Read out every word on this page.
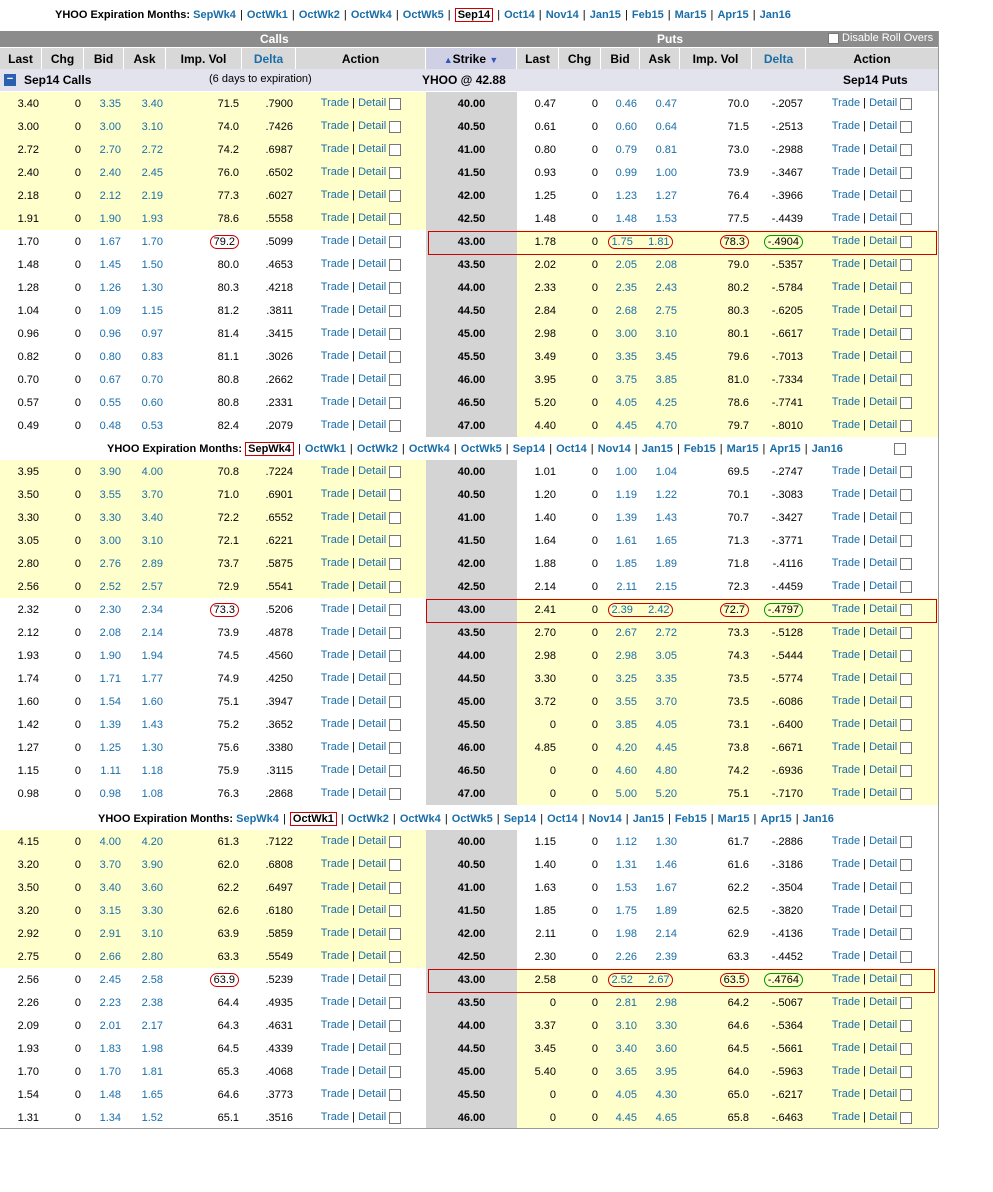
YHOO Expiration Months: SepWk4 | OctWk1 | OctWk2 | OctWk4 | OctWk5 | Sep14 | Oct14 | Nov14 | Jan15 | Feb15 | Mar15 | Apr15 | Jan16
Calls	Puts	Disable Roll Overs
Last	Chg	Bid	Ask	Imp. Vol	Delta	Action	▲Strike ▼	Last	Chg	Bid	Ask	Imp. Vol	Delta	Action
− Sep14 Calls	(6 days to expiration)	YHOO @ 42.88	Sep14 Puts
3.40	0	3.35	3.40	71.5	.7900	Trade | Detail	40.00	0.47	0	0.46	0.47	70.0	-.2057	Trade | Detail
3.00	0	3.00	3.10	74.0	.7426	Trade | Detail	40.50	0.61	0	0.60	0.64	71.5	-.2513	Trade | Detail
2.72	0	2.70	2.72	74.2	.6987	Trade | Detail	41.00	0.80	0	0.79	0.81	73.0	-.2988	Trade | Detail
2.40	0	2.40	2.45	76.0	.6502	Trade | Detail	41.50	0.93	0	0.99	1.00	73.9	-.3467	Trade | Detail
2.18	0	2.12	2.19	77.3	.6027	Trade | Detail	42.00	1.25	0	1.23	1.27	76.4	-.3966	Trade | Detail
1.91	0	1.90	1.93	78.6	.5558	Trade | Detail	42.50	1.48	0	1.48	1.53	77.5	-.4439	Trade | Detail
1.70	0	1.67	1.70	79.2	.5099	Trade | Detail	43.00	1.78	0	1.75 1.81		78.3	-.4904	Trade | Detail
1.48	0	1.45	1.50	80.0	.4653	Trade | Detail	43.50	2.02	0	2.05	2.08	79.0	-.5357	Trade | Detail
1.28	0	1.26	1.30	80.3	.4218	Trade | Detail	44.00	2.33	0	2.35	2.43	80.2	-.5784	Trade | Detail
1.04	0	1.09	1.15	81.2	.3811	Trade | Detail	44.50	2.84	0	2.68	2.75	80.3	-.6205	Trade | Detail
0.96	0	0.96	0.97	81.4	.3415	Trade | Detail	45.00	2.98	0	3.00	3.10	80.1	-.6617	Trade | Detail
0.82	0	0.80	0.83	81.1	.3026	Trade | Detail	45.50	3.49	0	3.35	3.45	79.6	-.7013	Trade | Detail
0.70	0	0.67	0.70	80.8	.2662	Trade | Detail	46.00	3.95	0	3.75	3.85	81.0	-.7334	Trade | Detail
0.57	0	0.55	0.60	80.8	.2331	Trade | Detail	46.50	5.20	0	4.05	4.25	78.6	-.7741	Trade | Detail
0.49	0	0.48	0.53	82.4	.2079	Trade | Detail	47.00	4.40	0	4.45	4.70	79.7	-.8010	Trade | Detail
YHOO Expiration Months: SepWk4 | OctWk1 | OctWk2 | OctWk4 | OctWk5 | Sep14 | Oct14 | Nov14 | Jan15 | Feb15 | Mar15 | Apr15 | Jan16
3.95	0	3.90	4.00	70.8	.7224	Trade | Detail	40.00	1.01	0	1.00	1.04	69.5	-.2747	Trade | Detail
3.50	0	3.55	3.70	71.0	.6901	Trade | Detail	40.50	1.20	0	1.19	1.22	70.1	-.3083	Trade | Detail
3.30	0	3.30	3.40	72.2	.6552	Trade | Detail	41.00	1.40	0	1.39	1.43	70.7	-.3427	Trade | Detail
3.05	0	3.00	3.10	72.1	.6221	Trade | Detail	41.50	1.64	0	1.61	1.65	71.3	-.3771	Trade | Detail
2.80	0	2.76	2.89	73.7	.5875	Trade | Detail	42.00	1.88	0	1.85	1.89	71.8	-.4116	Trade | Detail
2.56	0	2.52	2.57	72.9	.5541	Trade | Detail	42.50	2.14	0	2.11	2.15	72.3	-.4459	Trade | Detail
2.32	0	2.30	2.34	73.3	.5206	Trade | Detail	43.00	2.41	0	2.39 2.42		72.7	-.4797	Trade | Detail
2.12	0	2.08	2.14	73.9	.4878	Trade | Detail	43.50	2.70	0	2.67	2.72	73.3	-.5128	Trade | Detail
1.93	0	1.90	1.94	74.5	.4560	Trade | Detail	44.00	2.98	0	2.98	3.05	74.3	-.5444	Trade | Detail
1.74	0	1.71	1.77	74.9	.4250	Trade | Detail	44.50	3.30	0	3.25	3.35	73.5	-.5774	Trade | Detail
1.60	0	1.54	1.60	75.1	.3947	Trade | Detail	45.00	3.72	0	3.55	3.70	73.5	-.6086	Trade | Detail
1.42	0	1.39	1.43	75.2	.3652	Trade | Detail	45.50	0	0	3.85	4.05	73.1	-.6400	Trade | Detail
1.27	0	1.25	1.30	75.6	.3380	Trade | Detail	46.00	4.85	0	4.20	4.45	73.8	-.6671	Trade | Detail
1.15	0	1.11	1.18	75.9	.3115	Trade | Detail	46.50	0	0	4.60	4.80	74.2	-.6936	Trade | Detail
0.98	0	0.98	1.08	76.3	.2868	Trade | Detail	47.00	0	0	5.00	5.20	75.1	-.7170	Trade | Detail
YHOO Expiration Months: SepWk4 | OctWk1 | OctWk2 | OctWk4 | OctWk5 | Sep14 | Oct14 | Nov14 | Jan15 | Feb15 | Mar15 | Apr15 | Jan16
4.15	0	4.00	4.20	61.3	.7122	Trade | Detail	40.00	1.15	0	1.12	1.30	61.7	-.2886	Trade | Detail
3.20	0	3.70	3.90	62.0	.6808	Trade | Detail	40.50	1.40	0	1.31	1.46	61.6	-.3186	Trade | Detail
3.50	0	3.40	3.60	62.2	.6497	Trade | Detail	41.00	1.63	0	1.53	1.67	62.2	-.3504	Trade | Detail
3.20	0	3.15	3.30	62.6	.6180	Trade | Detail	41.50	1.85	0	1.75	1.89	62.5	-.3820	Trade | Detail
2.92	0	2.91	3.10	63.9	.5859	Trade | Detail	42.00	2.11	0	1.98	2.14	62.9	-.4136	Trade | Detail
2.75	0	2.66	2.80	63.3	.5549	Trade | Detail	42.50	2.30	0	2.26	2.39	63.3	-.4452	Trade | Detail
2.56	0	2.45	2.58	63.9	.5239	Trade | Detail	43.00	2.58	0	2.52 2.67		63.5	-.4764	Trade | Detail
2.26	0	2.23	2.38	64.4	.4935	Trade | Detail	43.50	0	0	2.81	2.98	64.2	-.5067	Trade | Detail
2.09	0	2.01	2.17	64.3	.4631	Trade | Detail	44.00	3.37	0	3.10	3.30	64.6	-.5364	Trade | Detail
1.93	0	1.83	1.98	64.5	.4339	Trade | Detail	44.50	3.45	0	3.40	3.60	64.5	-.5661	Trade | Detail
1.70	0	1.70	1.81	65.3	.4068	Trade | Detail	45.00	5.40	0	3.65	3.95	64.0	-.5963	Trade | Detail
1.54	0	1.48	1.65	64.6	.3773	Trade | Detail	45.50	0	0	4.05	4.30	65.0	-.6217	Trade | Detail
1.31	0	1.34	1.52	65.1	.3516	Trade | Detail	46.00	0	0	4.45	4.65	65.8	-.6463	Trade | Detail
